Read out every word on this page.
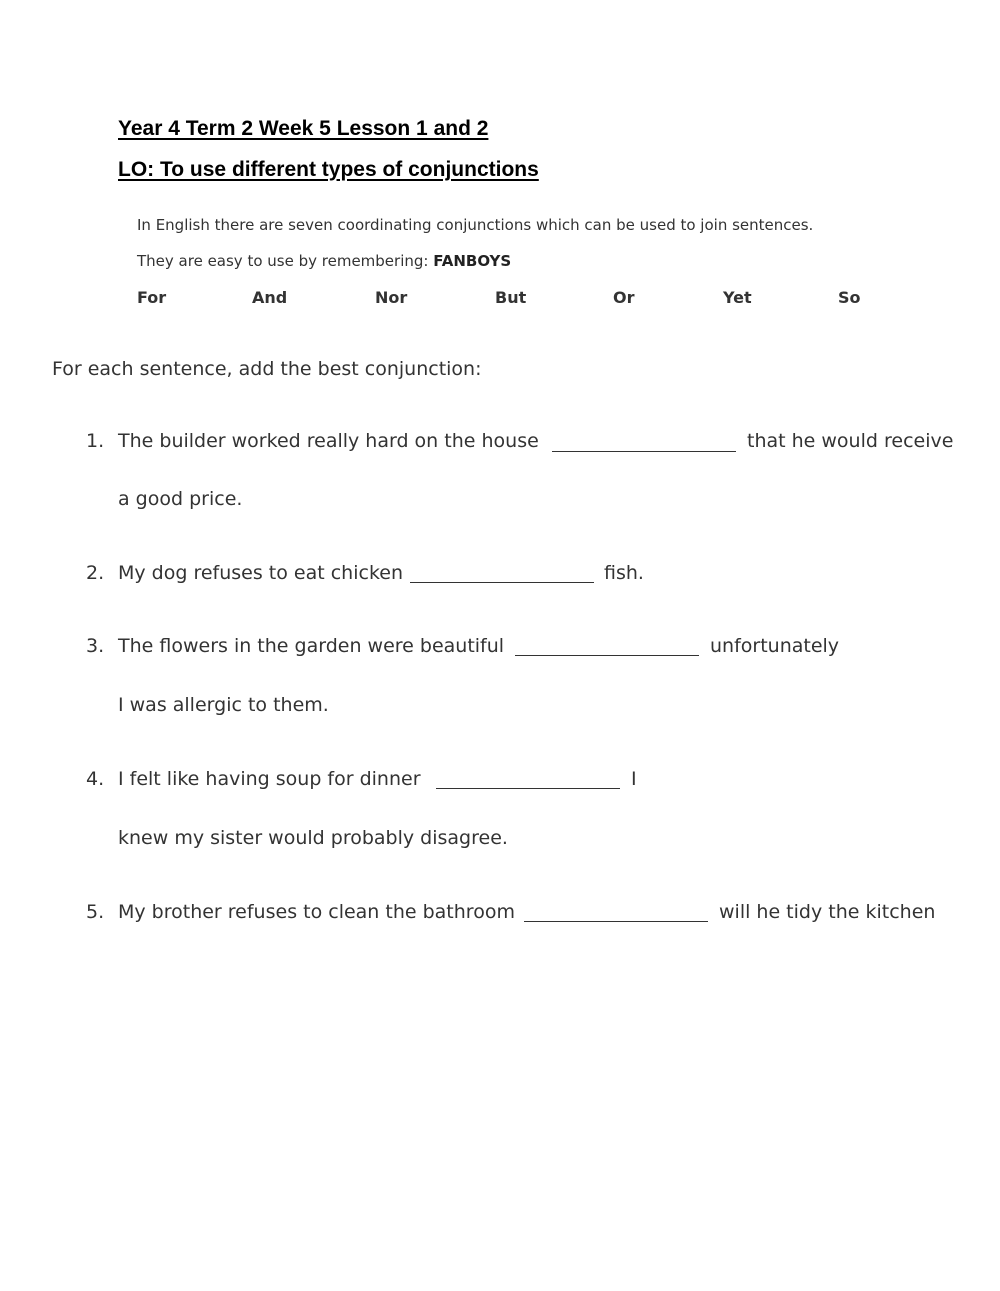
Year 4 Term 2 Week 5 Lesson 1 and 2
LO: To use different types of conjunctions

In English there are seven coordinating conjunctions which can be used to join sentences.

They are easy to use by remembering: FANBOYS

For	And	Nor	But	Or	Yet	So

For each sentence, add the best conjunction:

1. The builder worked really hard on the house	that he would receive
a good price.
2. My dog refuses to eat chicken	fish.
3. The flowers in the garden were beautiful	unfortunately
I was allergic to them.
4. I felt like having soup for dinner	I
knew my sister would probably disagree.
5. My brother refuses to clean the bathroom	will he tidy the kitchen
